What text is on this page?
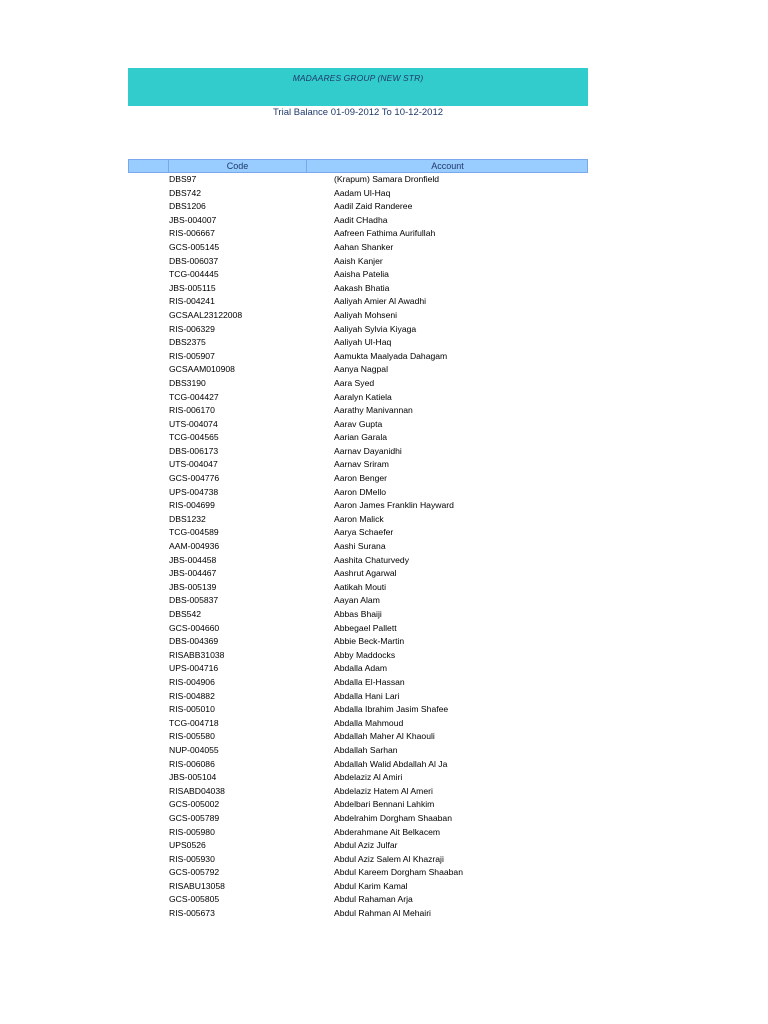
MADAARES GROUP (NEW STR)
Trial Balance 01-09-2012 To 10-12-2012
Code	Account
DBS97	(Krapum) Samara Dronfield
DBS742	Aadam Ul-Haq
DBS1206	Aadil Zaid Randeree
JBS-004007	Aadit CHadha
RIS-006667	Aafreen Fathima Aurifullah
GCS-005145	Aahan Shanker
DBS-006037	Aaish Kanjer
TCG-004445	Aaisha Patelia
JBS-005115	Aakash Bhatia
RIS-004241	Aaliyah Amier Al Awadhi
GCSAAL23122008	Aaliyah Mohseni
RIS-006329	Aaliyah Sylvia Kiyaga
DBS2375	Aaliyah Ul-Haq
RIS-005907	Aamukta Maalyada Dahagam
GCSAAM010908	Aanya Nagpal
DBS3190	Aara Syed
TCG-004427	Aaralyn Katiela
RIS-006170	Aarathy Manivannan
UTS-004074	Aarav Gupta
TCG-004565	Aarian Garala
DBS-006173	Aarnav Dayanidhi
UTS-004047	Aarnav Sriram
GCS-004776	Aaron Benger
UPS-004738	Aaron DMello
RIS-004699	Aaron James Franklin Hayward
DBS1232	Aaron Malick
TCG-004589	Aarya Schaefer
AAM-004936	Aashi Surana
JBS-004458	Aashita Chaturvedy
JBS-004467	Aashrut Agarwal
JBS-005139	Aatikah Mouti
DBS-005837	Aayan Alam
DBS542	Abbas Bhaiji
GCS-004660	Abbegael Pallett
DBS-004369	Abbie Beck-Martin
RISABB31038	Abby Maddocks
UPS-004716	Abdalla Adam
RIS-004906	Abdalla El-Hassan
RIS-004882	Abdalla Hani Lari
RIS-005010	Abdalla Ibrahim Jasim Shafee
TCG-004718	Abdalla Mahmoud
RIS-005580	Abdallah Maher Al Khaouli
NUP-004055	Abdallah Sarhan
RIS-006086	Abdallah Walid Abdallah Al Ja
JBS-005104	Abdelaziz Al Amiri
RISABD04038	Abdelaziz Hatem Al Ameri
GCS-005002	Abdelbari Bennani Lahkim
GCS-005789	Abdelrahim Dorgham Shaaban
RIS-005980	Abderahmane Ait Belkacem
UPS0526	Abdul Aziz Julfar
RIS-005930	Abdul Aziz Salem Al Khazraji
GCS-005792	Abdul Kareem Dorgham Shaaban
RISABU13058	Abdul Karim Kamal
GCS-005805	Abdul Rahaman Arja
RIS-005673	Abdul Rahman Al Mehairi
